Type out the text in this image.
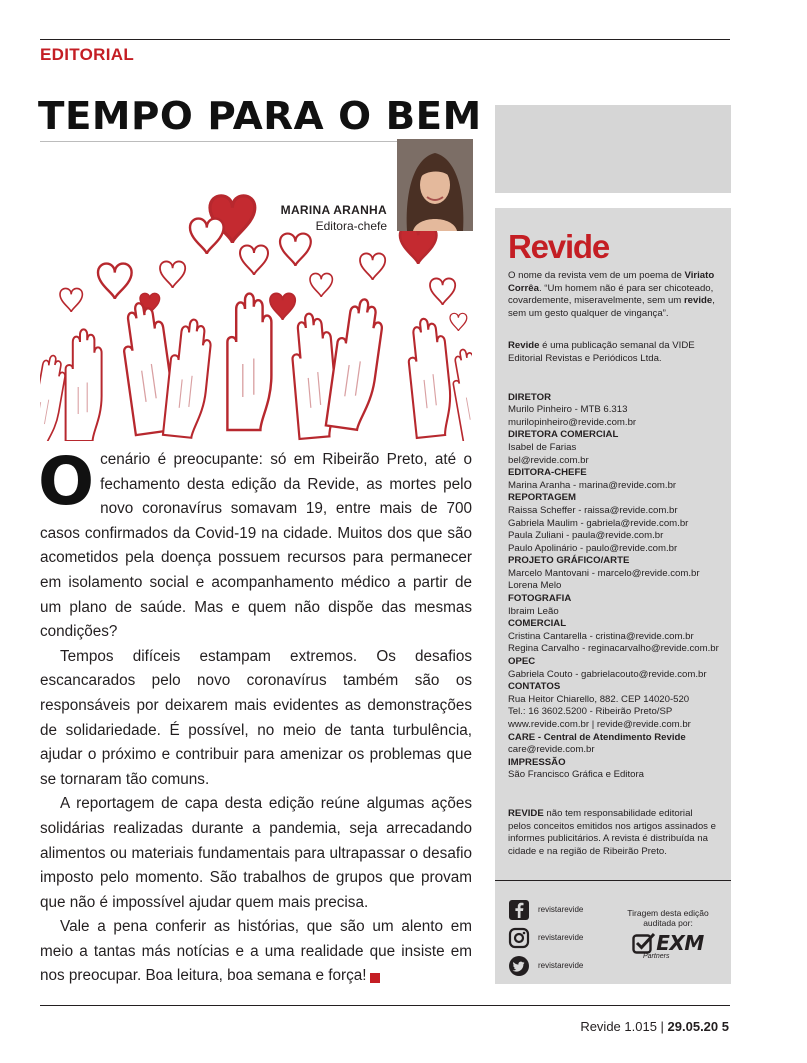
EDITORIAL
TEMPO PARA O BEM
MARINA ARANHA
Editora-chefe

O cenário é preocupante: só em Ribeirão Preto, até o fechamento desta edição da Revide, as mortes pelo novo coronavírus somavam 19, entre mais de 700 casos confirmados da Covid-19 na cidade. Muitos dos que são acometidos pela doença possuem recursos para permanecer em isolamento social e acompanhamento médico a partir de um plano de saúde. Mas e quem não dispõe das mesmas condições?

Tempos difíceis estampam extremos. Os desafios escancarados pelo novo coronavírus também são os responsáveis por deixarem mais evidentes as demonstrações de solidariedade. É possível, no meio de tanta turbulência, ajudar o próximo e contribuir para amenizar os problemas que se tornaram tão comuns.

A reportagem de capa desta edição reúne algumas ações solidárias realizadas durante a pandemia, seja arrecadando alimentos ou materiais fundamentais para ultrapassar o desafio imposto pelo momento. São trabalhos de grupos que provam que não é impossível ajudar quem mais precisa.

Vale a pena conferir as histórias, que são um alento em meio a tantas más notícias e a uma realidade que insiste em nos preocupar. Boa leitura, boa semana e força!	R

Revide

O nome da revista vem de um poema de Viriato Corrêa. “Um homem não é para ser chicoteado, covardemente, miseravelmente, sem um revide, sem um gesto qualquer de vingança”.

Revide é uma publicação semanal da VIDE Editorial Revistas e Periódicos Ltda.

DIRETOR
Murilo Pinheiro - MTB 6.313
murilopinheiro@revide.com.br
DIRETORA COMERCIAL
Isabel de Farias
bel@revide.com.br
EDITORA-CHEFE
Marina Aranha - marina@revide.com.br
REPORTAGEM
Raissa Scheffer - raissa@revide.com.br
Gabriela Maulim - gabriela@revide.com.br
Paula Zuliani - paula@revide.com.br
Paulo Apolinário - paulo@revide.com.br
PROJETO GRÁFICO/ARTE
Marcelo Mantovani - marcelo@revide.com.br
Lorena Melo
FOTOGRAFIA
Ibraim Leão
COMERCIAL
Cristina Cantarella - cristina@revide.com.br
Regina Carvalho - reginacarvalho@revide.com.br
OPEC
Gabriela Couto - gabrielacouto@revide.com.br
CONTATOS
Rua Heitor Chiarello, 882. CEP 14020-520
Tel.: 16 3602.5200 - Ribeirão Preto/SP
www.revide.com.br | revide@revide.com.br
CARE - Central de Atendimento Revide
care@revide.com.br
IMPRESSÃO
São Francisco Gráfica e Editora

REVIDE não tem responsabilidade editorial pelos conceitos emitidos nos artigos assinados e informes publicitários. A revista é distribuída na cidade e na região de Ribeirão Preto.

revistarevide
revistarevide
revistarevide
Tiragem desta edição auditada por:
EXM
Partners
Revide 1.015 | 29.05.20 5
